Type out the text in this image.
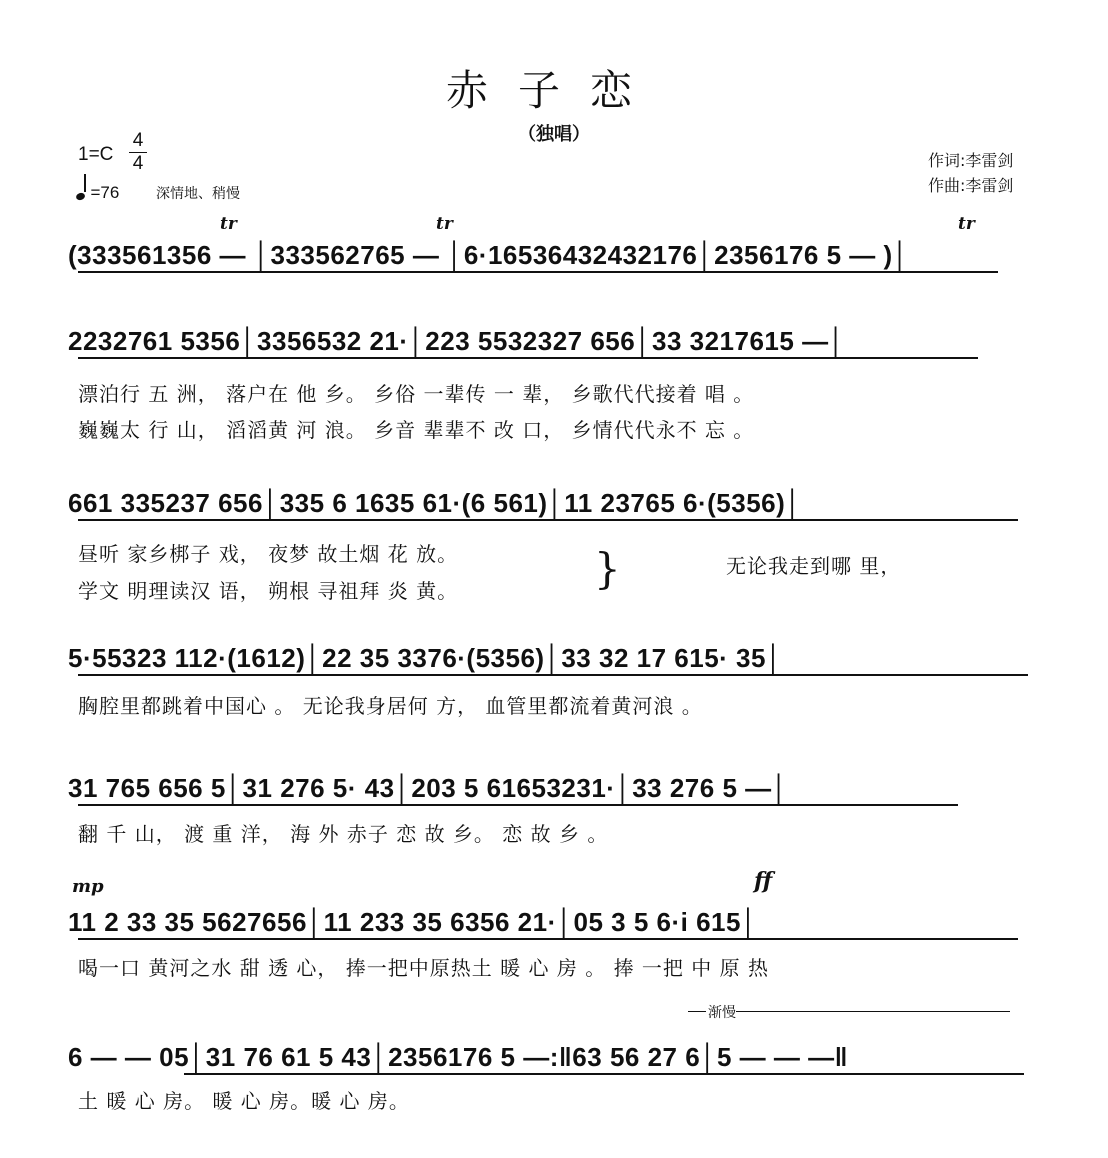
赤子恋
（独唱）
1=C
4
4
=76	深情地、稍慢
作词:李雷剑
作曲:李雷剑
tr	tr	tr
mp	ff
(333561356 — │333562765 — │6·16536432432176│2356176 5 — )│
2232761 5356│3356532 21·│223 5532327 656│33 3217615 —│
漂泊行 五 洲， 落户在 他 乡。 乡俗 一辈传 一 辈， 乡歌代代接着 唱 。
巍巍太 行 山， 滔滔黄 河 浪。 乡音 辈辈不 改 口， 乡情代代永不 忘 。
661 335237 656│335 6 1635 61·(6 561)│11 23765 6·(5356)│
昼听 家乡梆子 戏， 夜梦 故土烟 花 放。
学文 明理读汉 语， 朔根 寻祖拜 炎 黄。	}	无论我走到哪 里，
5·55323 112·(1612)│22 35 3376·(5356)│33 32 17 615· 35│
胸腔里都跳着中国心 。 无论我身居何 方， 血管里都流着黄河浪 。
31 765 656 5│31 276 5· 43│203 5 61653231·│33 276 5 —│
翻 千 山， 渡 重 洋， 海 外 赤子 恋 故 乡。 恋 故 乡 。
11 2 33 35 5627656│11 233 35 6356 21·│05 3 5 6·i 615│
喝一口 黄河之水 甜 透 心， 捧一把中原热土 暖 心 房 。 捧 一把 中 原 热
渐慢
6 — — 05│31 76 61 5 43│2356176 5 —:‖63 56 27 6│5 — — —‖
土 暖 心 房。 暖 心 房。暖 心 房。
